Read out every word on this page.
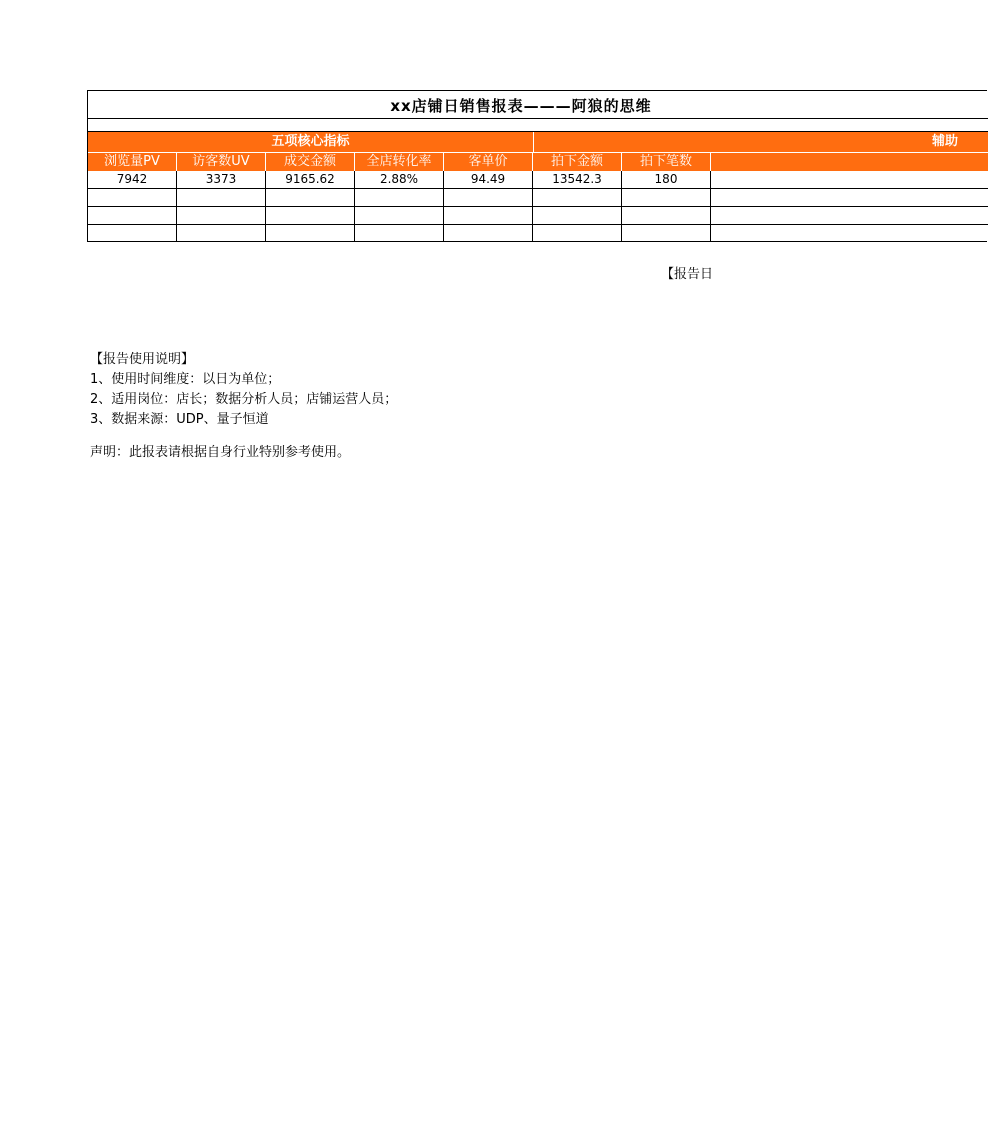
xx店铺日销售报表———阿狼的思维
五项核心指标	辅助
浏览量PV	访客数UV	成交金额	全店转化率	客单价	拍下金额	拍下笔数
7942	3373	9165.62	2.88%	94.49	13542.3	180
【报告日
【报告使用说明】
1、使用时间维度：以日为单位；
2、适用岗位：店长；数据分析人员；店铺运营人员；
3、数据来源：UDP、量子恒道
声明：此报表请根据自身行业特别参考使用。
